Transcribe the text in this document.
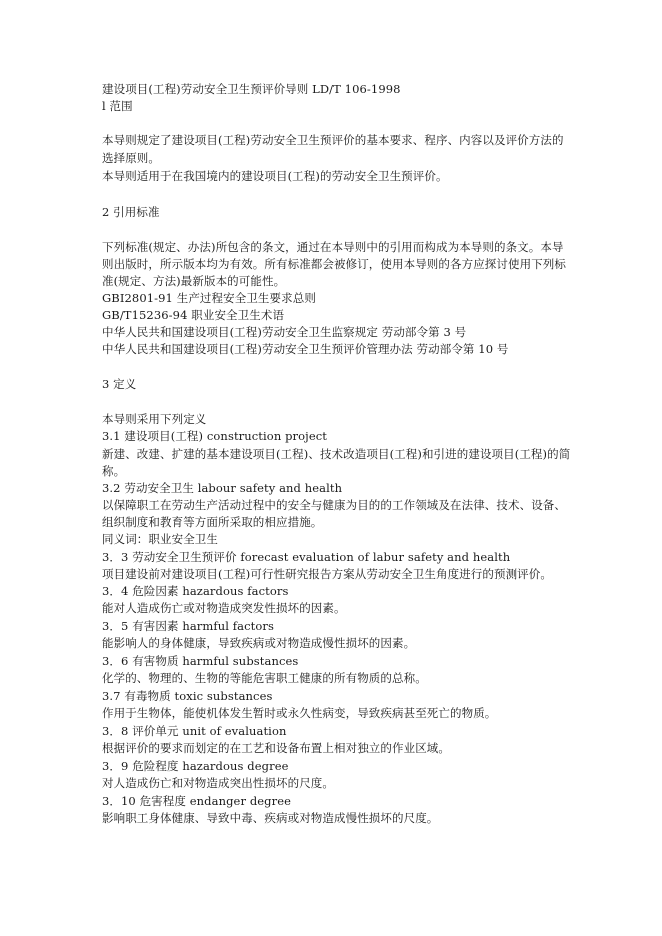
建设项目(工程)劳动安全卫生预评价导则 LD/T 106-1998
l 范围
本导则规定了建设项目(工程)劳动安全卫生预评价的基本要求、程序、内容以及评价方法的
选择原则。
本导则适用于在我国境内的建设项目(工程)的劳动安全卫生预评价。
2 引用标准
下列标准(规定、办法)所包含的条文，通过在本导则中的引用而构成为本导则的条文。本导
则出版时，所示版本均为有效。所有标准都会被修订，使用本导则的各方应探讨使用下列标
准(规定、方法)最新版本的可能性。
GBI2801-91 生产过程安全卫生要求总则
GB/T15236-94 职业安全卫生术语
中华人民共和国建设项目(工程)劳动安全卫生监察规定 劳动部令第 3 号
中华人民共和国建设项目(工程)劳动安全卫生预评价管理办法 劳动部令第 10 号
3 定义
本导则采用下列定义
3.1 建设项目(工程) construction project
新建、改建、扩建的基本建设项目(工程)、技术改造项目(工程)和引进的建设项目(工程)的简
称。
3.2 劳动安全卫生 labour safety and health
以保障职工在劳动生产活动过程中的安全与健康为目的的工作领域及在法律、技术、设备、
组织制度和教育等方面所采取的相应措施。
同义词：职业安全卫生
3．3 劳动安全卫生预评价 forecast evaluation of labur safety and health
项目建设前对建设项目(工程)可行性研究报告方案从劳动安全卫生角度进行的预测评价。
3．4 危险因素 hazardous factors
能对人造成伤亡或对物造成突发性损坏的因素。
3．5 有害因素 harmful factors
能影响人的身体健康，导致疾病或对物造成慢性损坏的因素。
3．6 有害物质 harmful substances
化学的、物理的、生物的等能危害职工健康的所有物质的总称。
3.7 有毒物质 toxic substances
作用于生物体，能使机体发生暂时或永久性病变，导致疾病甚至死亡的物质。
3．8 评价单元 unit of evaluation
根据评价的要求而划定的在工艺和设备布置上相对独立的作业区域。
3．9 危险程度 hazardous degree
对人造成伤亡和对物造成突出性损坏的尺度。
3．10 危害程度 endanger degree
影响职工身体健康、导致中毒、疾病或对物造成慢性损坏的尺度。
